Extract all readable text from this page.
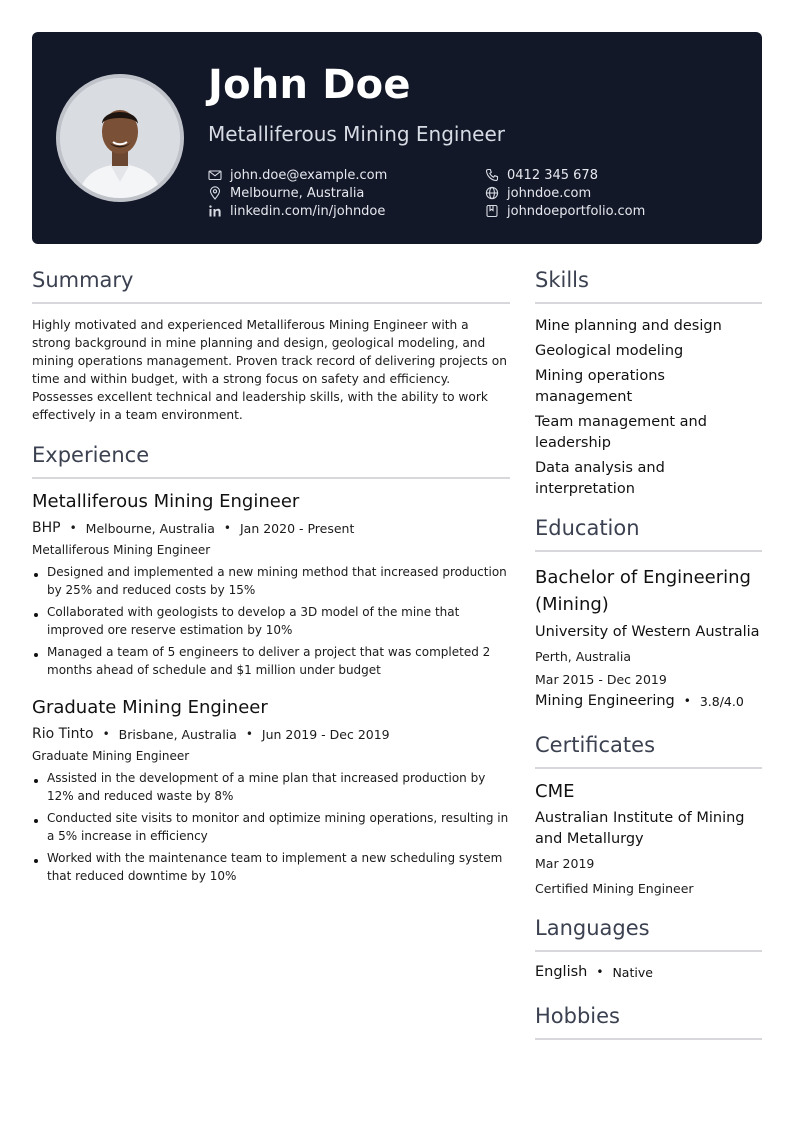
John Doe
Metalliferous Mining Engineer
john.doe@example.com
Melbourne, Australia
linkedin.com/in/johndoe
0412 345 678
johndoe.com
johndoeportfolio.com
Summary

Highly motivated and experienced Metalliferous Mining Engineer with a strong background in mine planning and design, geological modeling, and mining operations management. Proven track record of delivering projects on time and within budget, with a strong focus on safety and efficiency. Possesses excellent technical and leadership skills, with the ability to work effectively in a team environment.

Experience
Metalliferous Mining Engineer
BHP • Melbourne, Australia • Jan 2020 - Present
Metalliferous Mining Engineer
Designed and implemented a new mining method that increased production by 25% and reduced costs by 15%
Collaborated with geologists to develop a 3D model of the mine that improved ore reserve estimation by 10%
Managed a team of 5 engineers to deliver a project that was completed 2 months ahead of schedule and $1 million under budget
Graduate Mining Engineer
Rio Tinto • Brisbane, Australia • Jun 2019 - Dec 2019
Graduate Mining Engineer
Assisted in the development of a mine plan that increased production by 12% and reduced waste by 8%
Conducted site visits to monitor and optimize mining operations, resulting in a 5% increase in efficiency
Worked with the maintenance team to implement a new scheduling system that reduced downtime by 10%
Skills
Mine planning and design
Geological modeling
Mining operations management
Team management and leadership
Data analysis and interpretation
Education
Bachelor of Engineering (Mining)
University of Western Australia
Perth, Australia
Mar 2015 - Dec 2019
Mining Engineering • 3.8/4.0
Certificates
CME
Australian Institute of Mining and Metallurgy
Mar 2019
Certified Mining Engineer
Languages
English • Native
Hobbies
